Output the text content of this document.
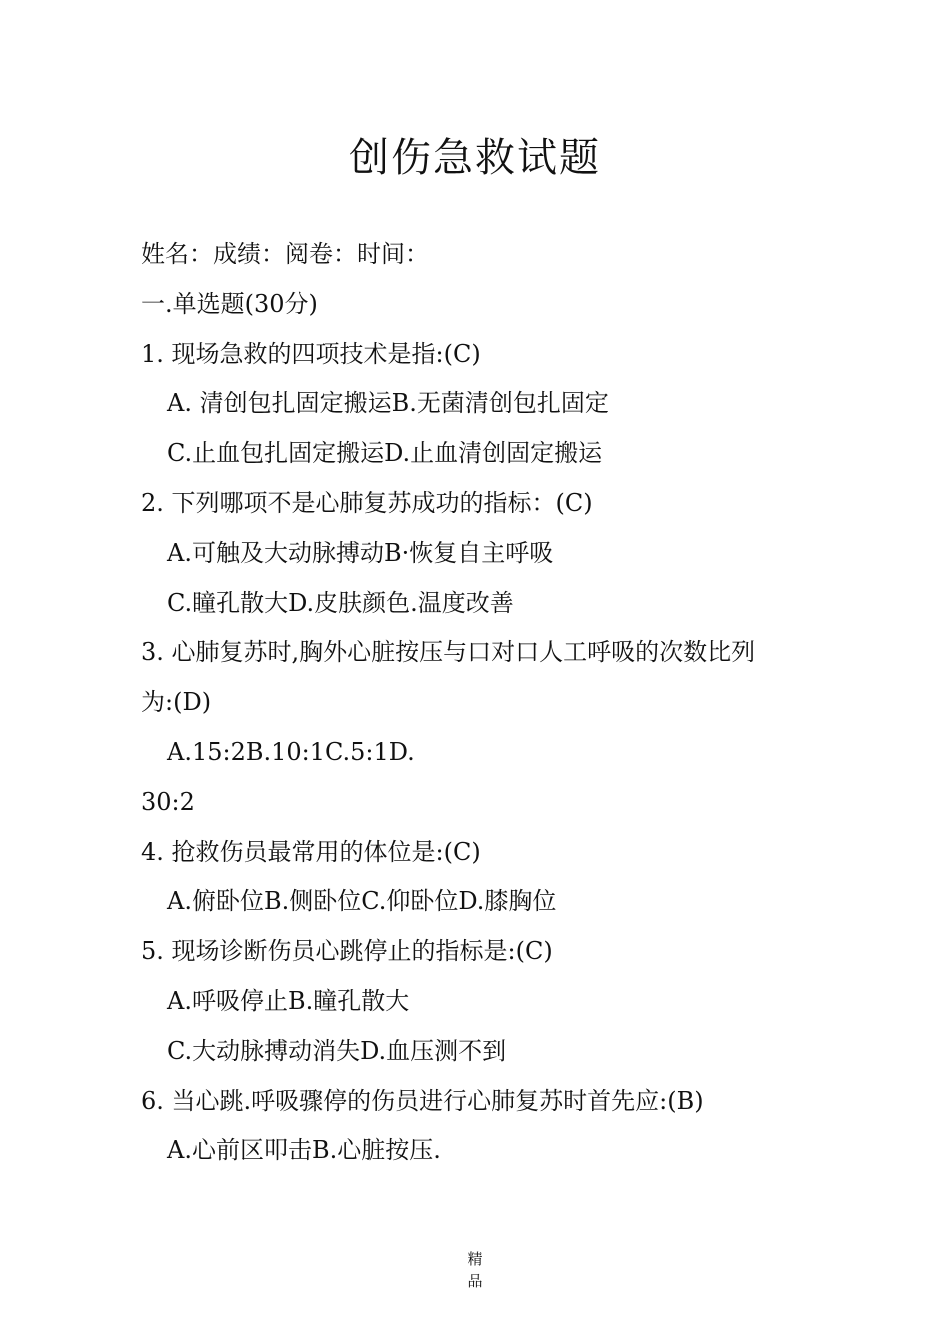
创伤急救试题

姓名：成绩：阅卷：时间：

一.单选题(30分)

1. 现场急救的四项技术是指:(C)

A. 清创包扎固定搬运B.无菌清创包扎固定

C.止血包扎固定搬运D.止血清创固定搬运

2. 下列哪项不是心肺复苏成功的指标：(C)

A.可触及大动脉搏动B·恢复自主呼吸

C.瞳孔散大D.皮肤颜色.温度改善

3. 心肺复苏时,胸外心脏按压与口对口人工呼吸的次数比列

为:(D)

A.15:2B.10:1C.5:1D.

30:2

4. 抢救伤员最常用的体位是:(C)

A.俯卧位B.侧卧位C.仰卧位D.膝胸位

5. 现场诊断伤员心跳停止的指标是:(C)

A.呼吸停止B.瞳孔散大

C.大动脉搏动消失D.血压测不到

6. 当心跳.呼吸骤停的伤员进行心肺复苏时首先应:(B)

A.心前区叩击B.心脏按压.

精
品
